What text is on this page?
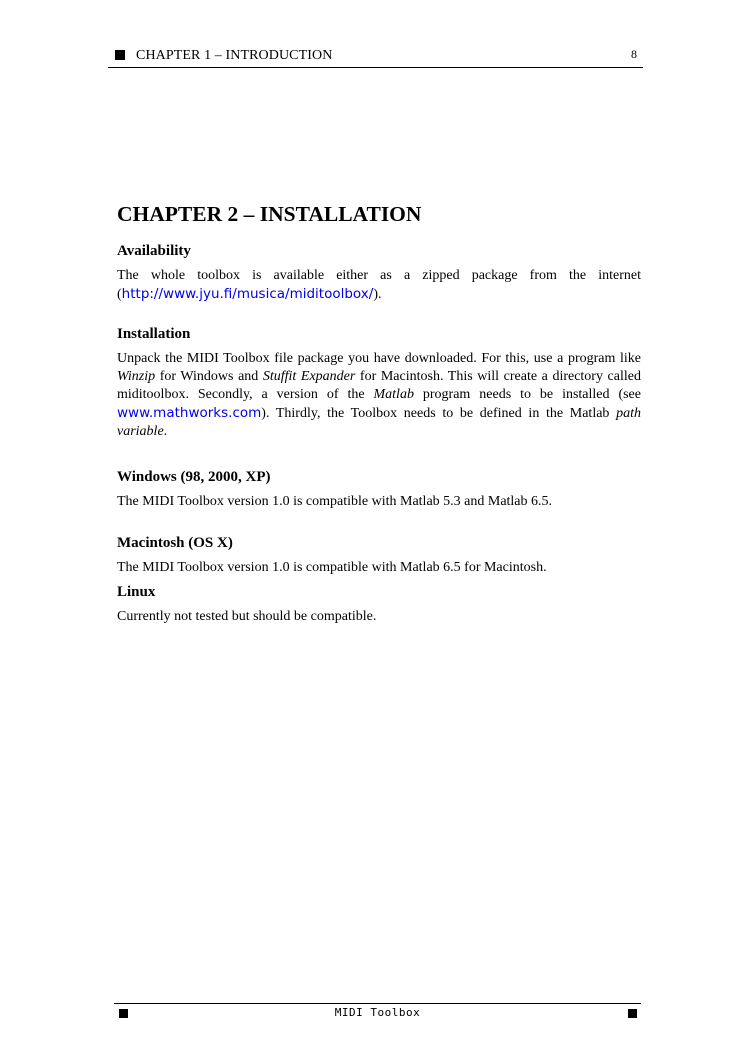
CHAPTER 1 – INTRODUCTION	8
CHAPTER 2 – INSTALLATION
Availability

The whole toolbox is available either as a zipped package from the internet

(http://www.jyu.fi/musica/miditoolbox/).

Installation

Unpack the MIDI Toolbox file package you have downloaded. For this, use a program like Winzip for Windows and Stuffit Expander for Macintosh. This will create a directory called miditoolbox. Secondly, a version of the Matlab program needs to be installed (see www.mathworks.com). Thirdly, the Toolbox needs to be defined in the Matlab path variable.

Windows (98, 2000, XP)

The MIDI Toolbox version 1.0 is compatible with Matlab 5.3 and Matlab 6.5.

Macintosh (OS X)

The MIDI Toolbox version 1.0 is compatible with Matlab 6.5 for Macintosh.

Linux

Currently not tested but should be compatible.

MIDI Toolbox
